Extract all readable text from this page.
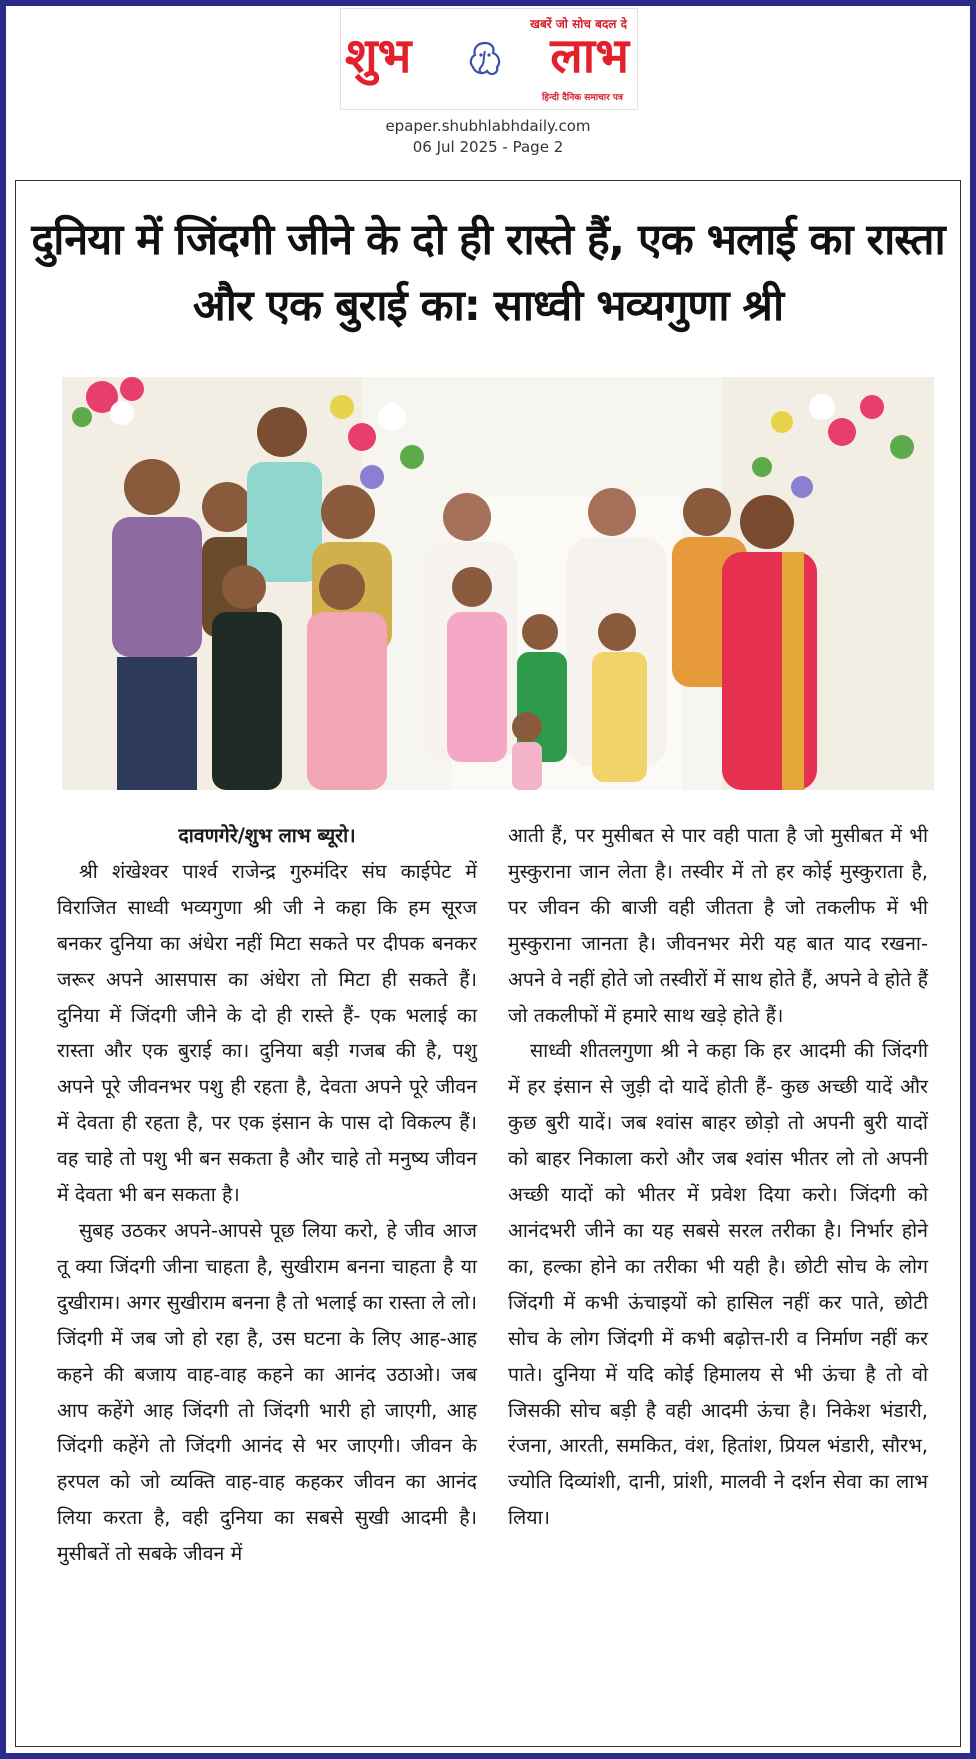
खबरें जो सोच बदल दे
शुभ	लाभ
हिन्दी दैनिक समाचार पत्र
epaper.shubhlabhdaily.com
06 Jul 2025 - Page 2
दुनिया में जिंदगी जीने के दो ही रास्ते हैं, एक भलाई का रास्ता और एक बुराई का: साध्वी भव्यगुणा श्री

दावणगेरे/शुभ लाभ ब्यूरो।

श्री शंखेश्वर पार्श्व राजेन्द्र गुरुमंदिर संघ काईपेट में विराजित साध्वी भव्यगुणा श्री जी ने कहा कि हम सूरज बनकर दुनिया का अंधेरा नहीं मिटा सकते पर दीपक बनकर जरूर अपने आसपास का अंधेरा तो मिटा ही सकते हैं। दुनिया में जिंदगी जीने के दो ही रास्ते हैं- एक भलाई का रास्ता और एक बुराई का। दुनिया बड़ी गजब की है, पशु अपने पूरे जीवनभर पशु ही रहता है, देवता अपने पूरे जीवन में देवता ही रहता है, पर एक इंसान के पास दो विकल्प हैं। वह चाहे तो पशु भी बन सकता है और चाहे तो मनुष्य जीवन में देवता भी बन सकता है।

सुबह उठकर अपने-आपसे पूछ लिया करो, हे जीव आज तू क्या जिंदगी जीना चाहता है, सुखीराम बनना चाहता है या दुखीराम। अगर सुखीराम बनना है तो भलाई का रास्ता ले लो। जिंदगी में जब जो हो रहा है, उस घटना के लिए आह-आह कहने की बजाय वाह-वाह कहने का आनंद उठाओ। जब आप कहेंगे आह जिंदगी तो जिंदगी भारी हो जाएगी, आह जिंदगी कहेंगे तो जिंदगी आनंद से भर जाएगी। जीवन के हरपल को जो व्यक्ति वाह-वाह कहकर जीवन का आनंद लिया करता है, वही दुनिया का सबसे सुखी आदमी है। मुसीबतें तो सबके जीवन में

आती हैं, पर मुसीबत से पार वही पाता है जो मुसीबत में भी मुस्कुराना जान लेता है। तस्वीर में तो हर कोई मुस्कुराता है, पर जीवन की बाजी वही जीतता है जो तकलीफ में भी मुस्कुराना जानता है। जीवनभर मेरी यह बात याद रखना- अपने वे नहीं होते जो तस्वीरों में साथ होते हैं, अपने वे होते हैं जो तकलीफों में हमारे साथ खड़े होते हैं।

साध्वी शीतलगुणा श्री ने कहा कि हर आदमी की जिंदगी में हर इंसान से जुड़ी दो यादें होती हैं- कुछ अच्छी यादें और कुछ बुरी यादें। जब श्वांस बाहर छोड़ो तो अपनी बुरी यादों को बाहर निकाला करो और जब श्वांस भीतर लो तो अपनी अच्छी यादों को भीतर में प्रवेश दिया करो। जिंदगी को आनंदभरी जीने का यह सबसे सरल तरीका है। निर्भार होने का, हल्का होने का तरीका भी यही है। छोटी सोच के लोग जिंदगी में कभी ऊंचाइयों को हासिल नहीं कर पाते, छोटी सोच के लोग जिंदगी में कभी बढ़ोत्त-ारी व निर्माण नहीं कर पाते। दुनिया में यदि कोई हिमालय से भी ऊंचा है तो वो जिसकी सोच बड़ी है वही आदमी ऊंचा है। निकेश भंडारी, रंजना, आरती, समकित, वंश, हितांश, प्रियल भंडारी, सौरभ, ज्योति दिव्यांशी, दानी, प्रांशी, मालवी ने दर्शन सेवा का लाभ लिया।
